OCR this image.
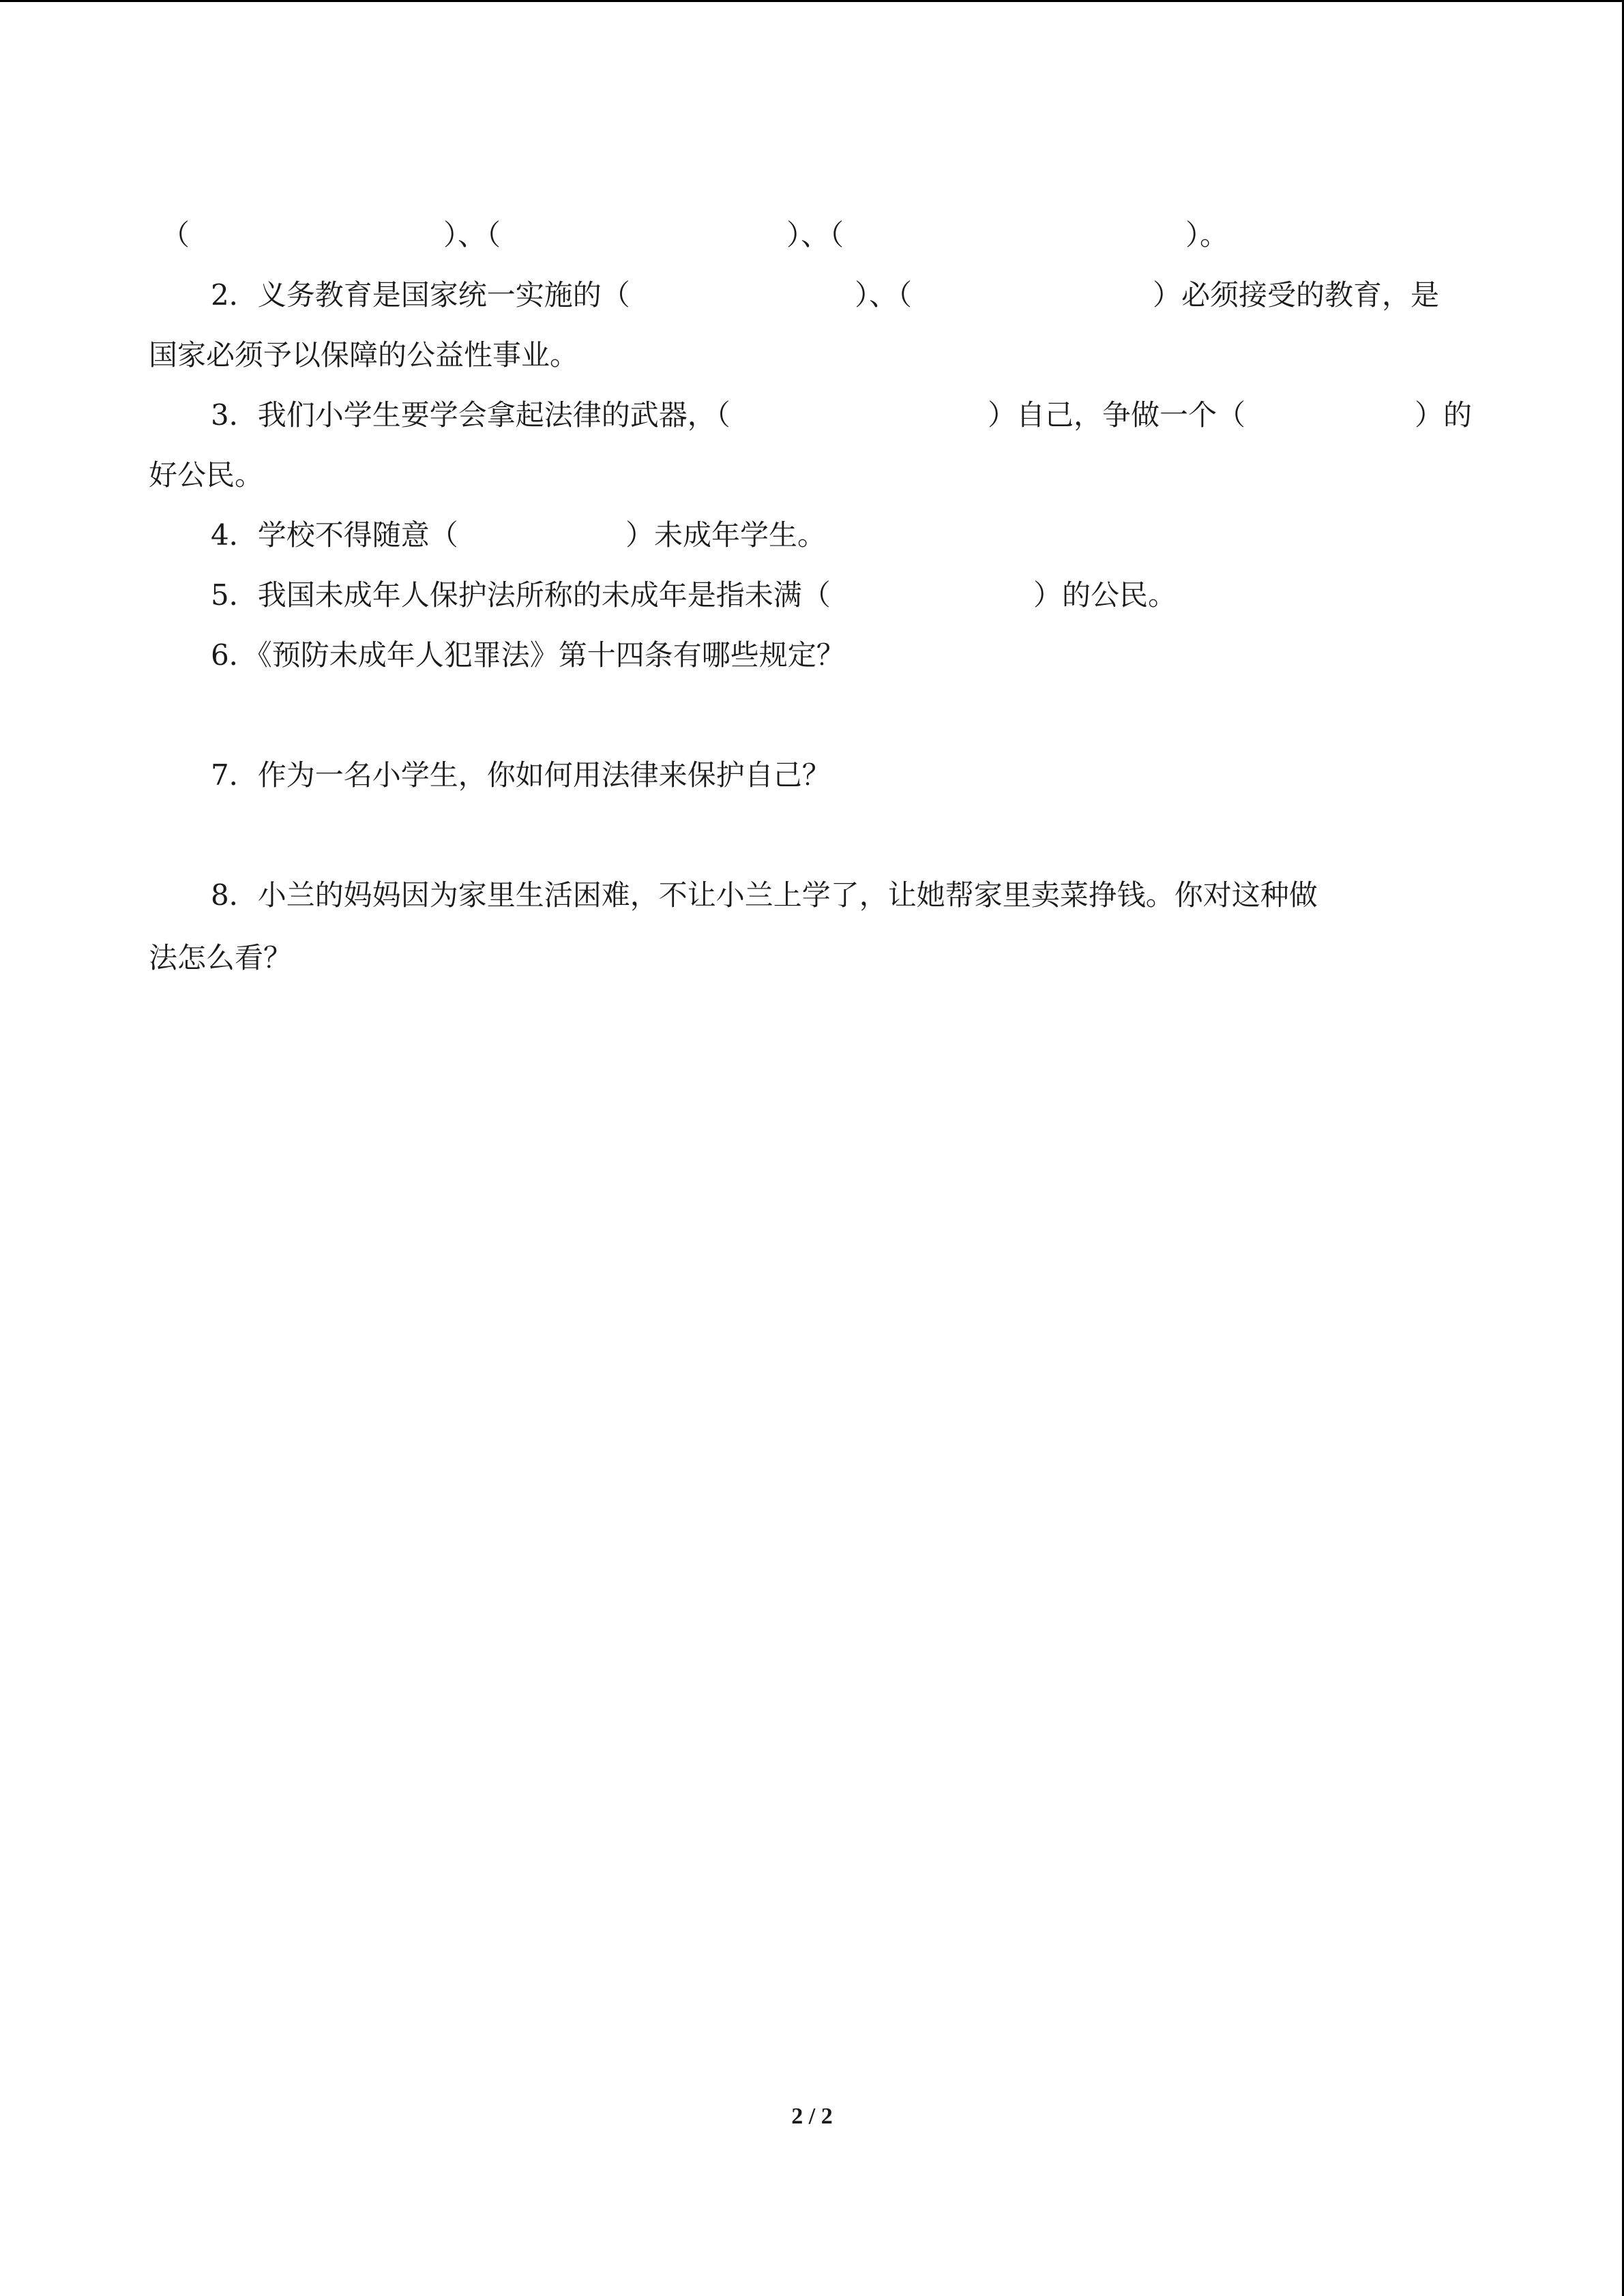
（	）、（	）、（	）。
2．义务教育是国家统一实施的（	）、（	）必须接受的教育，是
国家必须予以保障的公益性事业。
3．我们小学生要学会拿起法律的武器，（	）自己，争做一个（	）的
好公民。
4．学校不得随意（	）未成年学生。
5．我国未成年人保护法所称的未成年是指未满（	）的公民。
6．《预防未成年人犯罪法》第十四条有哪些规定？
7．作为一名小学生，你如何用法律来保护自己？
8．小兰的妈妈因为家里生活困难，不让小兰上学了，让她帮家里卖菜挣钱。你对这种做
法怎么看？
2 / 2
